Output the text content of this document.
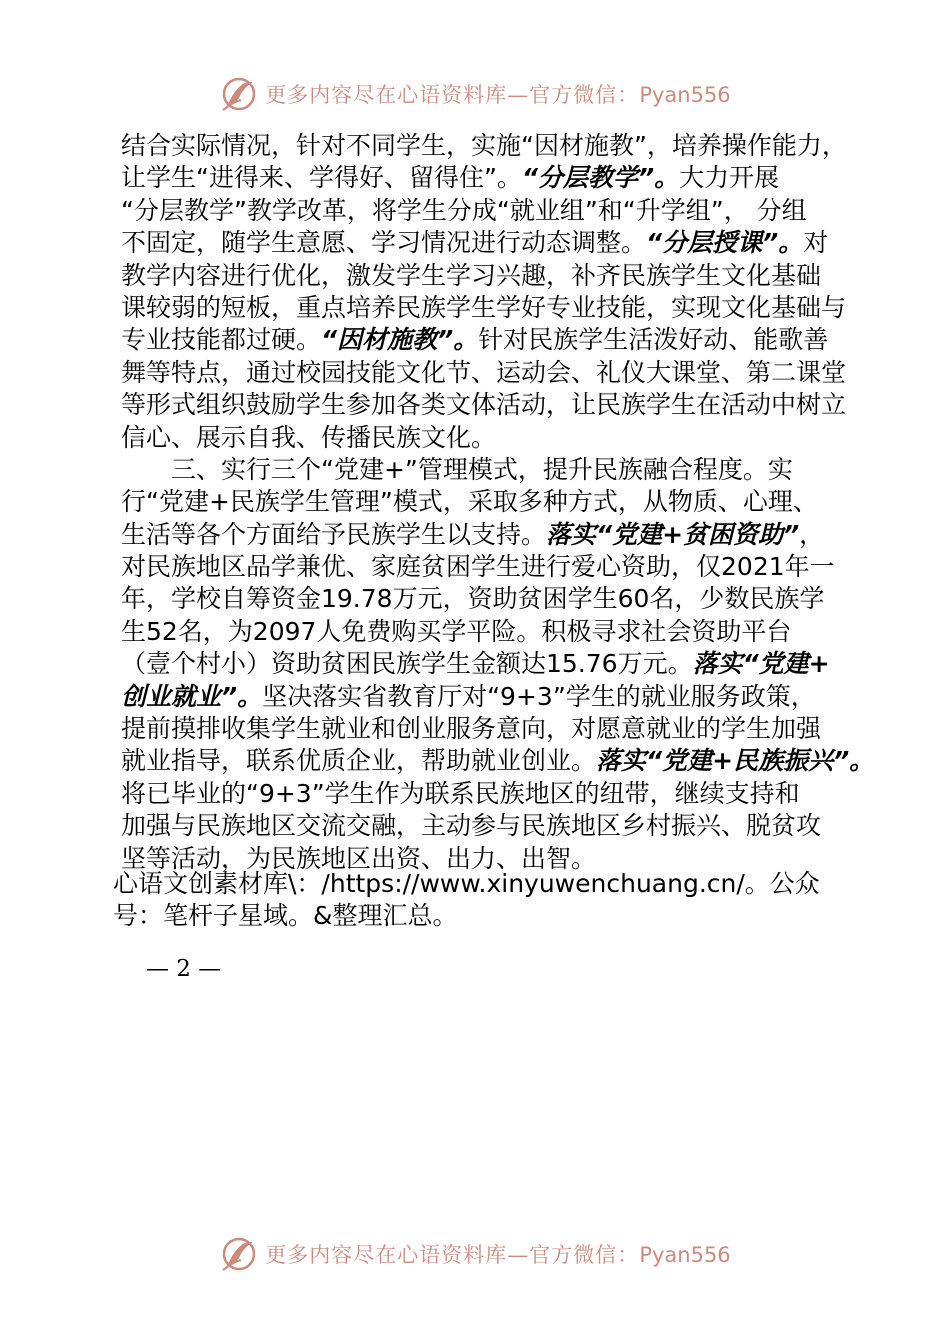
更多内容尽在心语资料库—官方微信：Pyan556
结合实际情况，针对不同学生，实施“因材施教”，培养操作能力，
让学生“进得来、学得好、留得住”。“分层教学”。大力开展
“分层教学”教学改革，将学生分成“就业组”和“升学组”， 分组
不固定，随学生意愿、学习情况进行动态调整。“分层授课”。对
教学内容进行优化，激发学生学习兴趣，补齐民族学生文化基础
课较弱的短板，重点培养民族学生学好专业技能，实现文化基础与
专业技能都过硬。“因材施教”。针对民族学生活泼好动、能歌善
舞等特点，通过校园技能文化节、运动会、礼仪大课堂、第二课堂
等形式组织鼓励学生参加各类文体活动，让民族学生在活动中树立
信心、展示自我、传播民族文化。
　　三、实行三个“党建+”管理模式，提升民族融合程度。实
行“党建+民族学生管理”模式，采取多种方式，从物质、心理、
生活等各个方面给予民族学生以支持。落实“党建+贫困资助”，
对民族地区品学兼优、家庭贫困学生进行爱心资助，仅2021年一
年，学校自筹资金19.78万元，资助贫困学生60名，少数民族学
生52名，为2097人免费购买学平险。积极寻求社会资助平台
（壹个村小）资助贫困民族学生金额达15.76万元。落实“党建+
创业就业”。坚决落实省教育厅对“9+3”学生的就业服务政策，
提前摸排收集学生就业和创业服务意向，对愿意就业的学生加强
就业指导，联系优质企业，帮助就业创业。落实“党建+民族振兴”。
将已毕业的“9+3”学生作为联系民族地区的纽带，继续支持和
加强与民族地区交流交融，主动参与民族地区乡村振兴、脱贫攻
坚等活动，为民族地区出资、出力、出智。
心语文创素材库\：/https://www.xinyuwenchuang.cn/。公众
号：笔杆子星域。&整理汇总。
— 2 —
更多内容尽在心语资料库—官方微信：Pyan556
